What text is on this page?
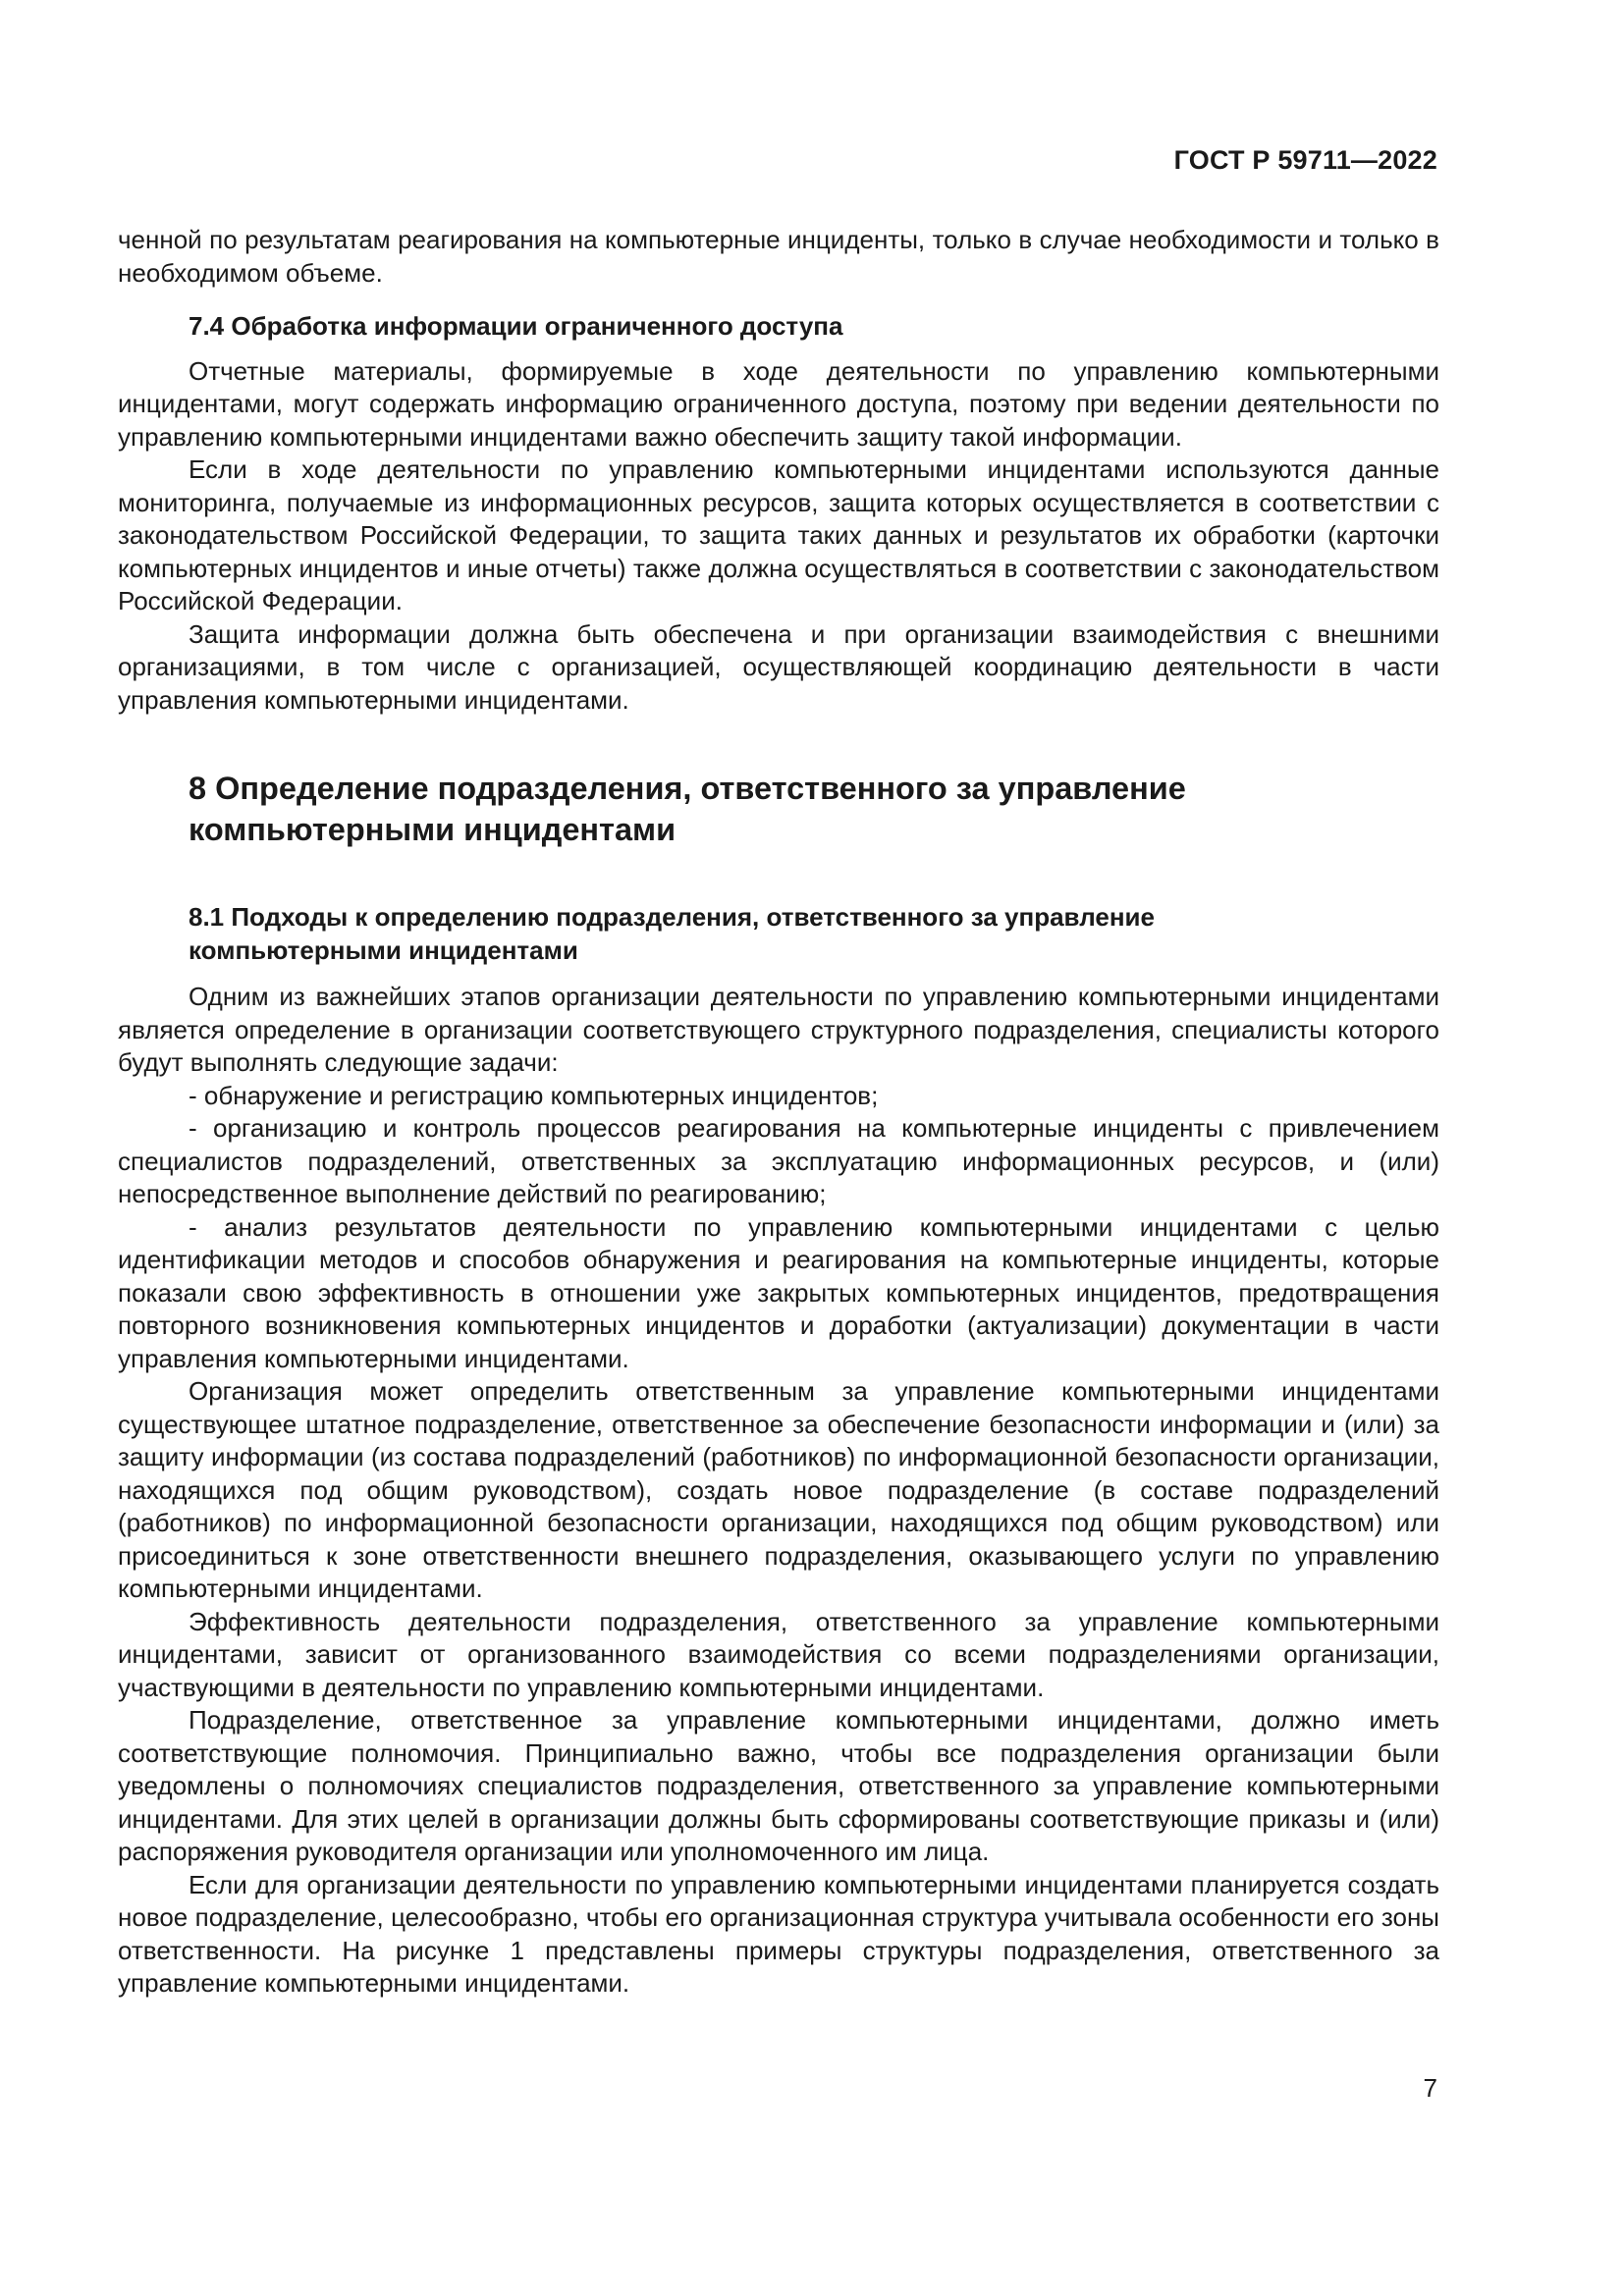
ГОСТ Р 59711—2022

ченной по результатам реагирования на компьютерные инциденты, только в случае необходимости и только в необходимом объеме.

7.4 Обработка информации ограниченного доступа

Отчетные материалы, формируемые в ходе деятельности по управлению компьютерными инцидентами, могут содержать информацию ограниченного доступа, поэтому при ведении деятельности по управлению компьютерными инцидентами важно обеспечить защиту такой информации.

Если в ходе деятельности по управлению компьютерными инцидентами используются данные мониторинга, получаемые из информационных ресурсов, защита которых осуществляется в соответствии с законодательством Российской Федерации, то защита таких данных и результатов их обработки (карточки компьютерных инцидентов и иные отчеты) также должна осуществляться в соответствии с законодательством Российской Федерации.

Защита информации должна быть обеспечена и при организации взаимодействия с внешними организациями, в том числе с организацией, осуществляющей координацию деятельности в части управления компьютерными инцидентами.

8 Определение подразделения, ответственного за управление
компьютерными инцидентами
8.1 Подходы к определению подразделения, ответственного за управление
компьютерными инцидентами

Одним из важнейших этапов организации деятельности по управлению компьютерными инцидентами является определение в организации соответствующего структурного подразделения, специалисты которого будут выполнять следующие задачи:

- обнаружение и регистрацию компьютерных инцидентов;

- организацию и контроль процессов реагирования на компьютерные инциденты с привлечением специалистов подразделений, ответственных за эксплуатацию информационных ресурсов, и (или) непосредственное выполнение действий по реагированию;

- анализ результатов деятельности по управлению компьютерными инцидентами с целью идентификации методов и способов обнаружения и реагирования на компьютерные инциденты, которые показали свою эффективность в отношении уже закрытых компьютерных инцидентов, предотвращения повторного возникновения компьютерных инцидентов и доработки (актуализации) документации в части управления компьютерными инцидентами.

Организация может определить ответственным за управление компьютерными инцидентами существующее штатное подразделение, ответственное за обеспечение безопасности информации и (или) за защиту информации (из состава подразделений (работников) по информационной безопасности организации, находящихся под общим руководством), создать новое подразделение (в составе подразделений (работников) по информационной безопасности организации, находящихся под общим руководством) или присоединиться к зоне ответственности внешнего подразделения, оказывающего услуги по управлению компьютерными инцидентами.

Эффективность деятельности подразделения, ответственного за управление компьютерными инцидентами, зависит от организованного взаимодействия со всеми подразделениями организации, участвующими в деятельности по управлению компьютерными инцидентами.

Подразделение, ответственное за управление компьютерными инцидентами, должно иметь соответствующие полномочия. Принципиально важно, чтобы все подразделения организации были уведомлены о полномочиях специалистов подразделения, ответственного за управление компьютерными инцидентами. Для этих целей в организации должны быть сформированы соответствующие приказы и (или) распоряжения руководителя организации или уполномоченного им лица.

Если для организации деятельности по управлению компьютерными инцидентами планируется создать новое подразделение, целесообразно, чтобы его организационная структура учитывала особенности его зоны ответственности. На рисунке 1 представлены примеры структуры подразделения, ответственного за управление компьютерными инцидентами.

7
